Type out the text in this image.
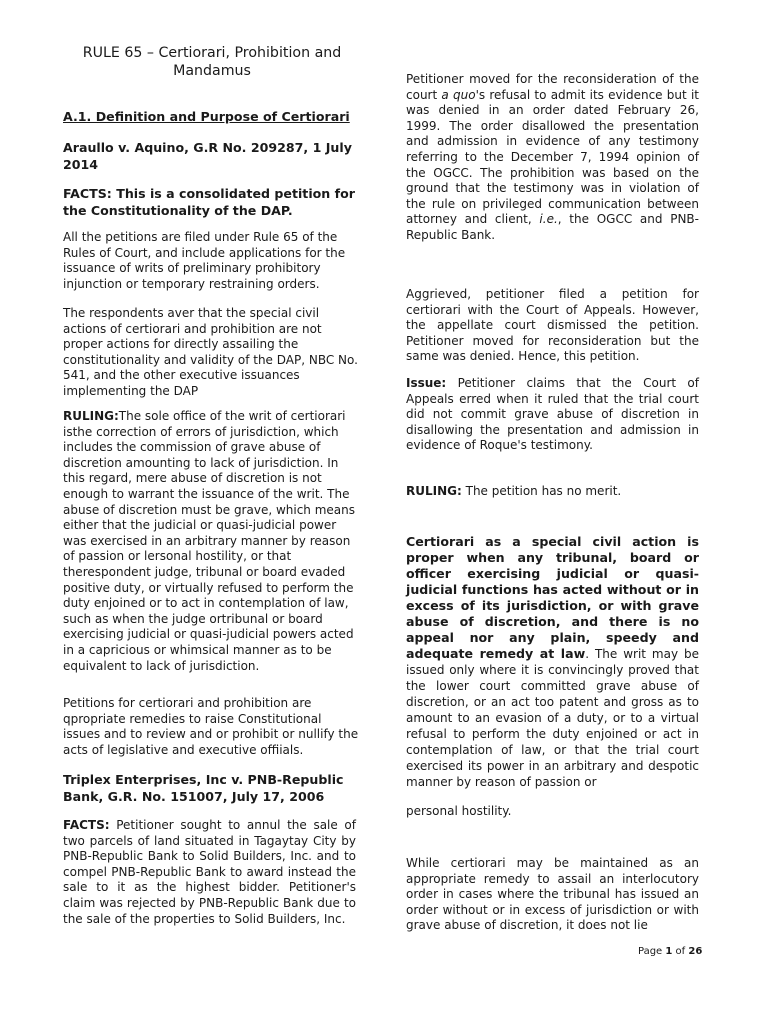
RULE 65 – Certiorari, Prohibition and Mandamus

A.1. Definition and Purpose of Certiorari

Araullo v. Aquino, G.R No. 209287, 1 July 2014

FACTS: This is a consolidated petition for the Constitutionality of the DAP.

All the petitions are filed under Rule 65 of the Rules of Court, and include applications for the issuance of writs of preliminary prohibitory injunction or temporary restraining orders.

The respondents aver that the special civil actions of certiorari and prohibition are not proper actions for directly assailing the constitutionality and validity of the DAP, NBC No. 541, and the other executive issuances implementing the DAP

RULING:The sole office of the writ of certiorari isthe correction of errors of jurisdiction, which includes the commission of grave abuse of discretion amounting to lack of jurisdiction. In this regard, mere abuse of discretion is not enough to warrant the issuance of the writ. The abuse of discretion must be grave, which means either that the judicial or quasi-judicial power was exercised in an arbitrary manner by reason of passion or lersonal hostility, or that therespondent judge, tribunal or board evaded positive duty, or virtually refused to perform the duty enjoined or to act in contemplation of law, such as when the judge ortribunal or board exercising judicial or quasi-judicial powers acted in a capricious or whimsical manner as to be equivalent to lack of jurisdiction.

Petitions for certiorari and prohibition are qpropriate remedies to raise Constitutional issues and to review and or prohibit or nullify the acts of legislative and executive offiials.

Triplex Enterprises, Inc v. PNB-Republic Bank, G.R. No. 151007, July 17, 2006

FACTS: Petitioner sought to annul the sale of two parcels of land situated in Tagaytay City by PNB-Republic Bank to Solid Builders, Inc. and to compel PNB-Republic Bank to award instead the sale to it as the highest bidder. Petitioner's claim was rejected by PNB-Republic Bank due to the sale of the properties to Solid Builders, Inc.

Petitioner moved for the reconsideration of the court a quo's refusal to admit its evidence but it was denied in an order dated February 26, 1999. The order disallowed the presentation and admission in evidence of any testimony referring to the December 7, 1994 opinion of the OGCC. The prohibition was based on the ground that the testimony was in violation of the rule on privileged communication between attorney and client, i.e., the OGCC and PNB-Republic Bank.

Aggrieved, petitioner filed a petition for certiorari with the Court of Appeals. However, the appellate court dismissed the petition. Petitioner moved for reconsideration but the same was denied. Hence, this petition.

Issue: Petitioner claims that the Court of Appeals erred when it ruled that the trial court did not commit grave abuse of discretion in disallowing the presentation and admission in evidence of Roque's testimony.

RULING: The petition has no merit.

Certiorari as a special civil action is proper when any tribunal, board or officer exercising judicial or quasi-judicial functions has acted without or in excess of its jurisdiction, or with grave abuse of discretion, and there is no appeal nor any plain, speedy and adequate remedy at law. The writ may be issued only where it is convincingly proved that the lower court committed grave abuse of discretion, or an act too patent and gross as to amount to an evasion of a duty, or to a virtual refusal to perform the duty enjoined or act in contemplation of law, or that the trial court exercised its power in an arbitrary and despotic manner by reason of passion or

personal hostility.

While certiorari may be maintained as an appropriate remedy to assail an interlocutory order in cases where the tribunal has issued an order without or in excess of jurisdiction or with grave abuse of discretion, it does not lie

Page 1 of 26
